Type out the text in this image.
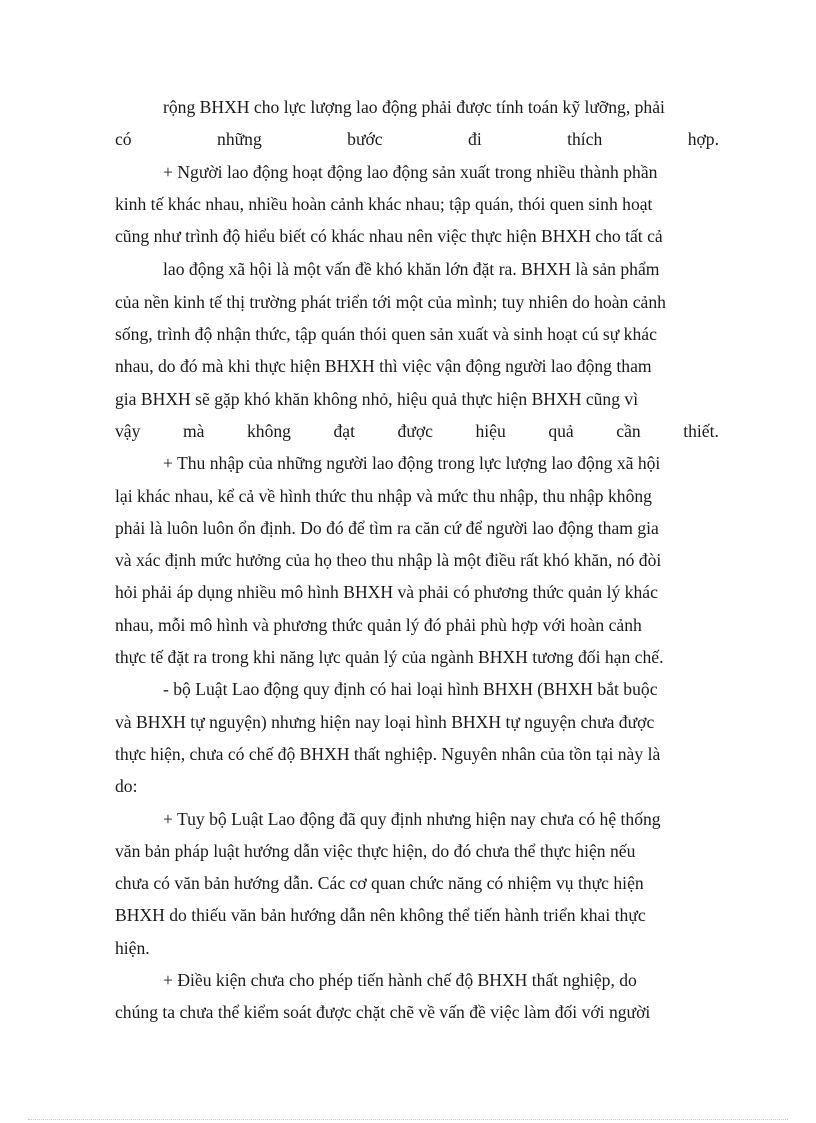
rộng BHXH cho lực lượng lao động phải được tính toán kỹ lưỡng, phải
có	những	bước	đi	thích	hợp.
+ Người lao động hoạt động lao động sản xuất trong nhiều thành phần
kinh tế khác nhau, nhiều hoàn cảnh khác nhau; tập quán, thói quen sinh hoạt
cũng như trình độ hiểu biết có khác nhau nên việc thực hiện BHXH cho tất cả
lao động xã hội là một vấn đề khó khăn lớn đặt ra. BHXH là sản phẩm
của nền kinh tế thị trường phát triển tới một của mình; tuy nhiên do hoàn cảnh
sống, trình độ nhận thức, tập quán thói quen sản xuất và sinh hoạt cú sự khác
nhau, do đó mà khi thực hiện BHXH thì việc vận động người lao động tham
gia BHXH sẽ gặp khó khăn không nhỏ, hiệu quả thực hiện BHXH cũng vì
vậy mà không đạt được hiệu quả cần thiết.
+ Thu nhập của những người lao động trong lực lượng lao động xã hội
lại khác nhau, kể cả về hình thức thu nhập và mức thu nhập, thu nhập không
phải là luôn luôn ổn định. Do đó để tìm ra căn cứ để người lao động tham gia
và xác định mức hưởng của họ theo thu nhập là một điều rất khó khăn, nó đòi
hỏi phải áp dụng nhiều mô hình BHXH và phải có phương thức quản lý khác
nhau, mỗi mô hình và phương thức quản lý đó phải phù hợp với hoàn cảnh
thực tế đặt ra trong khi năng lực quản lý của ngành BHXH tương đối hạn chế.
- bộ Luật Lao động quy định có hai loại hình BHXH (BHXH bắt buộc
và BHXH tự nguyện) nhưng hiện nay loại hình BHXH tự nguyện chưa được
thực hiện, chưa có chế độ BHXH thất nghiệp. Nguyên nhân của tồn tại này là
do:
+ Tuy bộ Luật Lao động đã quy định nhưng hiện nay chưa có hệ thống
văn bản pháp luật hướng dẫn việc thực hiện, do đó chưa thể thực hiện nếu
chưa có văn bản hướng dẫn. Các cơ quan chức năng có nhiệm vụ thực hiện
BHXH do thiếu văn bản hướng dẫn nên không thể tiến hành triển khai thực
hiện.
+ Điều kiện chưa cho phép tiến hành chế độ BHXH thất nghiệp, do
chúng ta chưa thể kiểm soát được chặt chẽ về vấn đề việc làm đối với người
